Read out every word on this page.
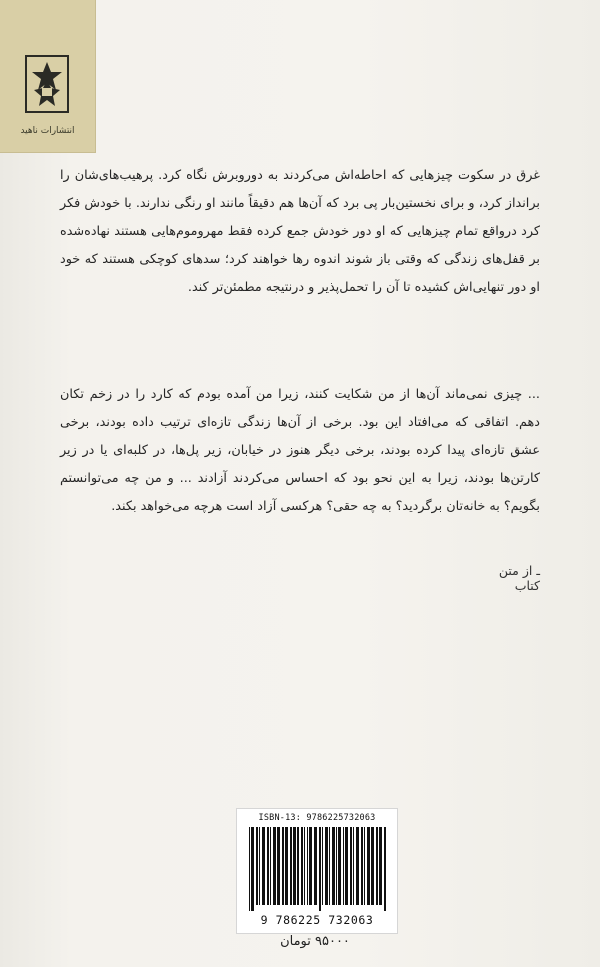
انتشارات ناهید
غرق در سکوت چیزهایی که احاطه‌اش می‌کردند به دوروبرش نگاه کرد. پرهیب‌های‌شان را برانداز کرد، و برای نخستین‌بار پی برد که آن‌ها هم دقیقاً مانند او رنگی ندارند. با خودش فکر کرد درواقع تمام چیزهایی که او دور خودش جمع کرده فقط مهروموم‌هایی هستند نهاده‌شده بر قفل‌های زندگی که وقتی باز شوند اندوه رها خواهند کرد؛ سدهای کوچکی هستند که خود او دور تنهایی‌اش کشیده تا آن را تحمل‌پذیر و درنتیجه مطمئن‌تر کند.
... چیزی نمی‌ماند آن‌ها از من شکایت کنند، زیرا من آمده بودم که کارد را در زخم تکان دهم. اتفاقی که می‌افتاد این بود. برخی از آن‌ها زندگی تازه‌ای ترتیب داده بودند، برخی عشق تازه‌ای پیدا کرده بودند، برخی دیگر هنوز در خیابان، زیر پل‌ها، در کلبه‌ای یا در زیر کارتن‌ها بودند، زیرا به این نحو بود که احساس می‌کردند آزادند ... و من چه می‌توانستم بگویم؟ به خانه‌تان برگردید؟ به چه حقی؟ هرکسی آزاد است هرچه می‌خواهد بکند.
ـ از متن کتاب
ISBN-13: 9786225732063
9 786225 732063
۹۵۰۰۰ تومان
